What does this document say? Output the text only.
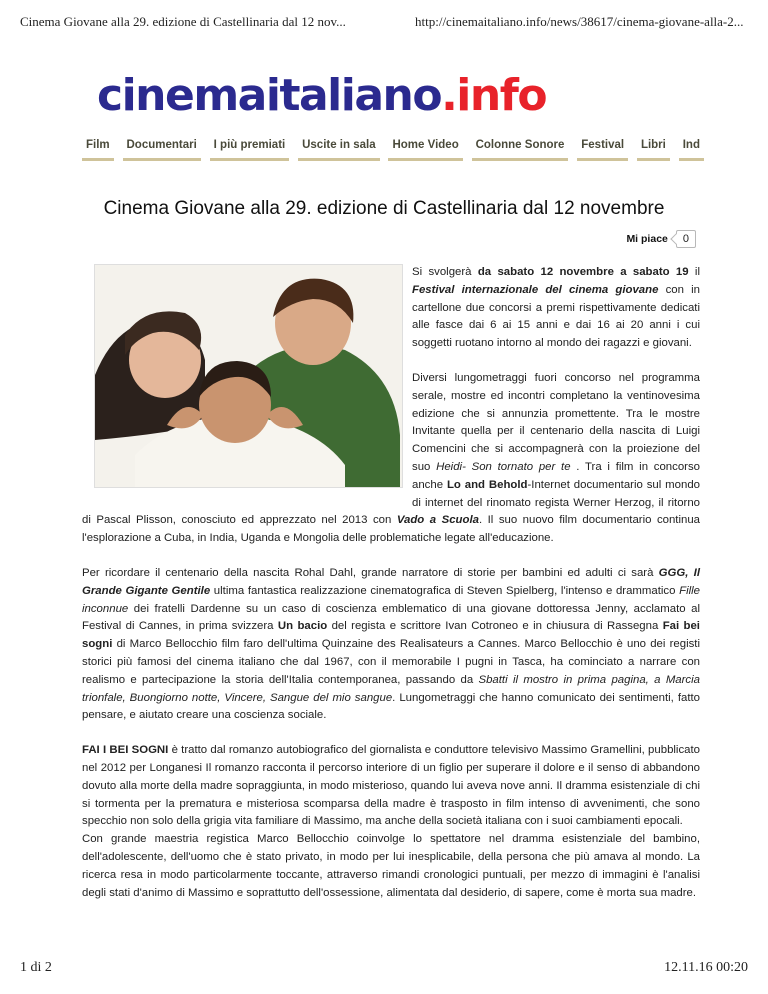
Cinema Giovane alla 29. edizione di Castellinaria dal 12 nov...	http://cinemaitaliano.info/news/38617/cinema-giovane-alla-2...
cinemaitaliano.info
Film	Documentari	I più premiati	Uscite in sala	Home Video	Colonne Sonore	Festival	Libri	Ind
Cinema Giovane alla 29. edizione di Castellinaria dal 12 novembre
Mi piace	0

Si svolgerà da sabato 12 novembre a sabato 19 il Festival internazionale del cinema giovane con in cartellone due concorsi a premi rispettivamente dedicati alle fasce dai 6 ai 15 anni e dai 16 ai 20 anni i cui soggetti ruotano intorno al mondo dei ragazzi e giovani.

Diversi lungometraggi fuori concorso nel programma serale, mostre ed incontri completano la ventinovesima edizione che si annunzia promettente. Tra le mostre Invitante quella per il centenario della nascita di Luigi Comencini che si accompagnerà con la proiezione del suo Heidi- Son tornato per te . Tra i film in concorso anche Lo and Behold-Internet documentario sul mondo di internet del rinomato regista Werner Herzog, il ritorno di Pascal Plisson, conosciuto ed apprezzato nel 2013 con Vado a Scuola. Il suo nuovo film documentario continua l'esplorazione a Cuba, in India, Uganda e Mongolia delle problematiche legate all'educazione.

Per ricordare il centenario della nascita Rohal Dahl, grande narratore di storie per bambini ed adulti ci sarà GGG, Il Grande Gigante Gentile ultima fantastica realizzazione cinematografica di Steven Spielberg, l'intenso e drammatico Fille inconnue dei fratelli Dardenne su un caso di coscienza emblematico di una giovane dottoressa Jenny, acclamato al Festival di Cannes, in prima svizzera Un bacio del regista e scrittore Ivan Cotroneo e in chiusura di Rassegna Fai bei sogni di Marco Bellocchio film faro dell'ultima Quinzaine des Realisateurs a Cannes. Marco Bellocchio è uno dei registi storici più famosi del cinema italiano che dal 1967, con il memorabile I pugni in Tasca, ha cominciato a narrare con realismo e partecipazione la storia dell'Italia contemporanea, passando da Sbatti il mostro in prima pagina, a Marcia trionfale, Buongiorno notte, Vincere, Sangue del mio sangue. Lungometraggi che hanno comunicato dei sentimenti, fatto pensare, e aiutato creare una coscienza sociale.

FAI I BEI SOGNI è tratto dal romanzo autobiografico del giornalista e conduttore televisivo Massimo Gramellini, pubblicato nel 2012 per Longanesi Il romanzo racconta il percorso interiore di un figlio per superare il dolore e il senso di abbandono dovuto alla morte della madre sopraggiunta, in modo misterioso, quando lui aveva nove anni. Il dramma esistenziale di chi si tormenta per la prematura e misteriosa scomparsa della madre è trasposto in film intenso di avvenimenti, che sono specchio non solo della grigia vita familiare di Massimo, ma anche della società italiana con i suoi cambiamenti epocali.
Con grande maestria registica Marco Bellocchio coinvolge lo spettatore nel dramma esistenziale del bambino, dell'adolescente, dell'uomo che è stato privato, in modo per lui inesplicabile, della persona che più amava al mondo. La ricerca resa in modo particolarmente toccante, attraverso rimandi cronologici puntuali, per mezzo di immagini è l'analisi degli stati d'animo di Massimo e soprattutto dell'ossessione, alimentata dal desiderio, di sapere, come è morta sua madre.

1 di 2	12.11.16 00:20
